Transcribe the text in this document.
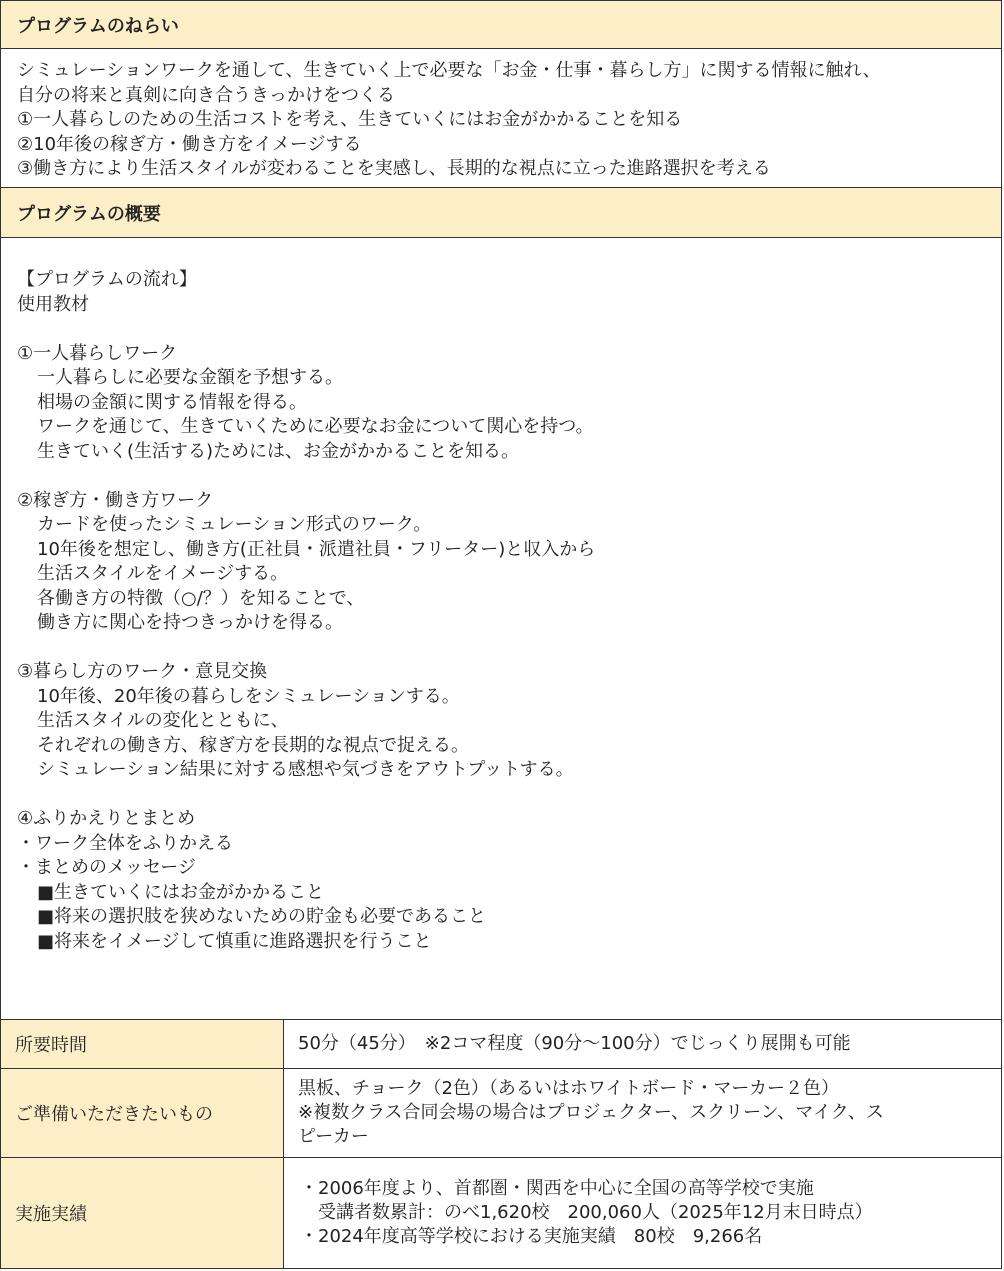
プログラムのねらい
シミュレーションワークを通して、生きていく上で必要な「お金・仕事・暮らし方」に関する情報に触れ、
自分の将来と真剣に向き合うきっかけをつくる
①一人暮らしのための生活コストを考え、生きていくにはお金がかかることを知る
②10年後の稼ぎ方・働き方をイメージする
③働き方により生活スタイルが変わることを実感し、長期的な視点に立った進路選択を考える
プログラムの概要
【プログラムの流れ】
使用教材
①一人暮らしワーク
一人暮らしに必要な金額を予想する。
相場の金額に関する情報を得る。
ワークを通じて、生きていくために必要なお金について関心を持つ。
生きていく(生活する)ためには、お金がかかることを知る。
②稼ぎ方・働き方ワーク
カードを使ったシミュレーション形式のワーク。
10年後を想定し、働き方(正社員・派遣社員・フリーター)と収入から
生活スタイルをイメージする。
各働き方の特徴（○/？）を知ることで、
働き方に関心を持つきっかけを得る。
③暮らし方のワーク・意見交換
10年後、20年後の暮らしをシミュレーションする。
生活スタイルの変化とともに、
それぞれの働き方、稼ぎ方を長期的な視点で捉える。
シミュレーション結果に対する感想や気づきをアウトプットする。
④ふりかえりとまとめ
・ワーク全体をふりかえる
・まとめのメッセージ
■生きていくにはお金がかかること
■将来の選択肢を狭めないための貯金も必要であること
■将来をイメージして慎重に進路選択を行うこと
所要時間	50分（45分）　※2コマ程度（90分～100分）でじっくり展開も可能

ご準備いただきたいもの	黒板、チョーク（2色）（あるいはホワイトボード・マーカー２色）
※複数クラス合同会場の場合はプロジェクター、スクリーン、マイク、ス
ピーカー

実施実績	・2006年度より、首都圏・関西を中心に全国の高等学校で実施
　受講者数累計：のべ1,620校　200,060人（2025年12月末日時点）
・2024年度高等学校における実施実績　80校　9,266名
